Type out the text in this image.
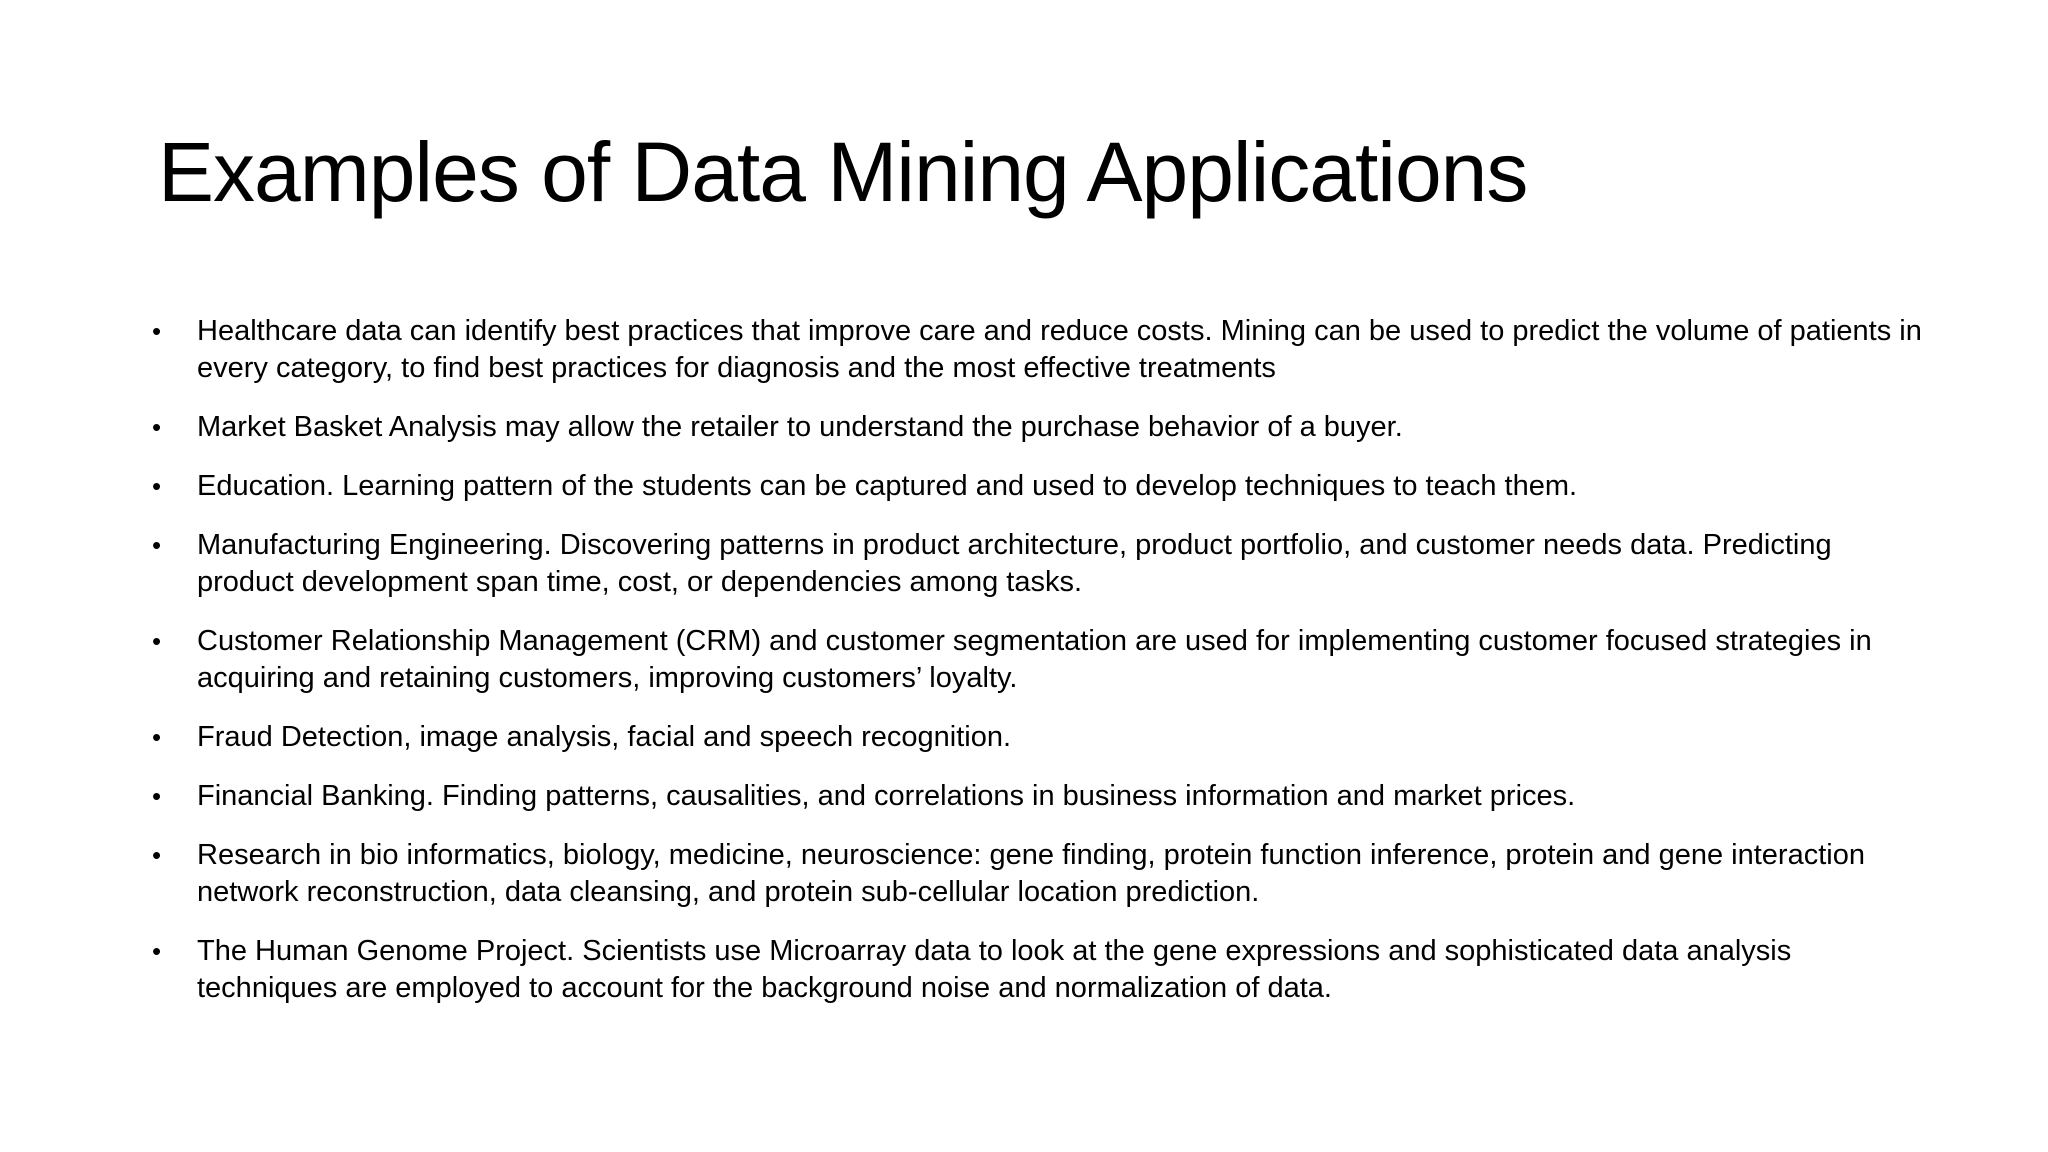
Examples of Data Mining Applications
•	Healthcare data can identify best practices that improve care and reduce costs. Mining can be used to predict the volume of patients in every category, to find best practices for diagnosis and the most effective treatments
•	Market Basket Analysis may allow the retailer to understand the purchase behavior of a buyer.
•	Education. Learning pattern of the students can be captured and used to develop techniques to teach them.
•	Manufacturing Engineering. Discovering patterns in product architecture, product portfolio, and customer needs data. Predicting product development span time, cost, or dependencies among tasks.
•	Customer Relationship Management (CRM) and customer segmentation are used for implementing customer focused strategies in acquiring and retaining customers, improving customers’ loyalty.
•	Fraud Detection, image analysis, facial and speech recognition.
•	Financial Banking. Finding patterns, causalities, and correlations in business information and market prices.
•	Research in bio informatics, biology, medicine, neuroscience: gene finding, protein function inference, protein and gene interaction network reconstruction, data cleansing, and protein sub-cellular location prediction.
•	The Human Genome Project. Scientists use Microarray data to look at the gene expressions and sophisticated data analysis techniques are employed to account for the background noise and normalization of data.
